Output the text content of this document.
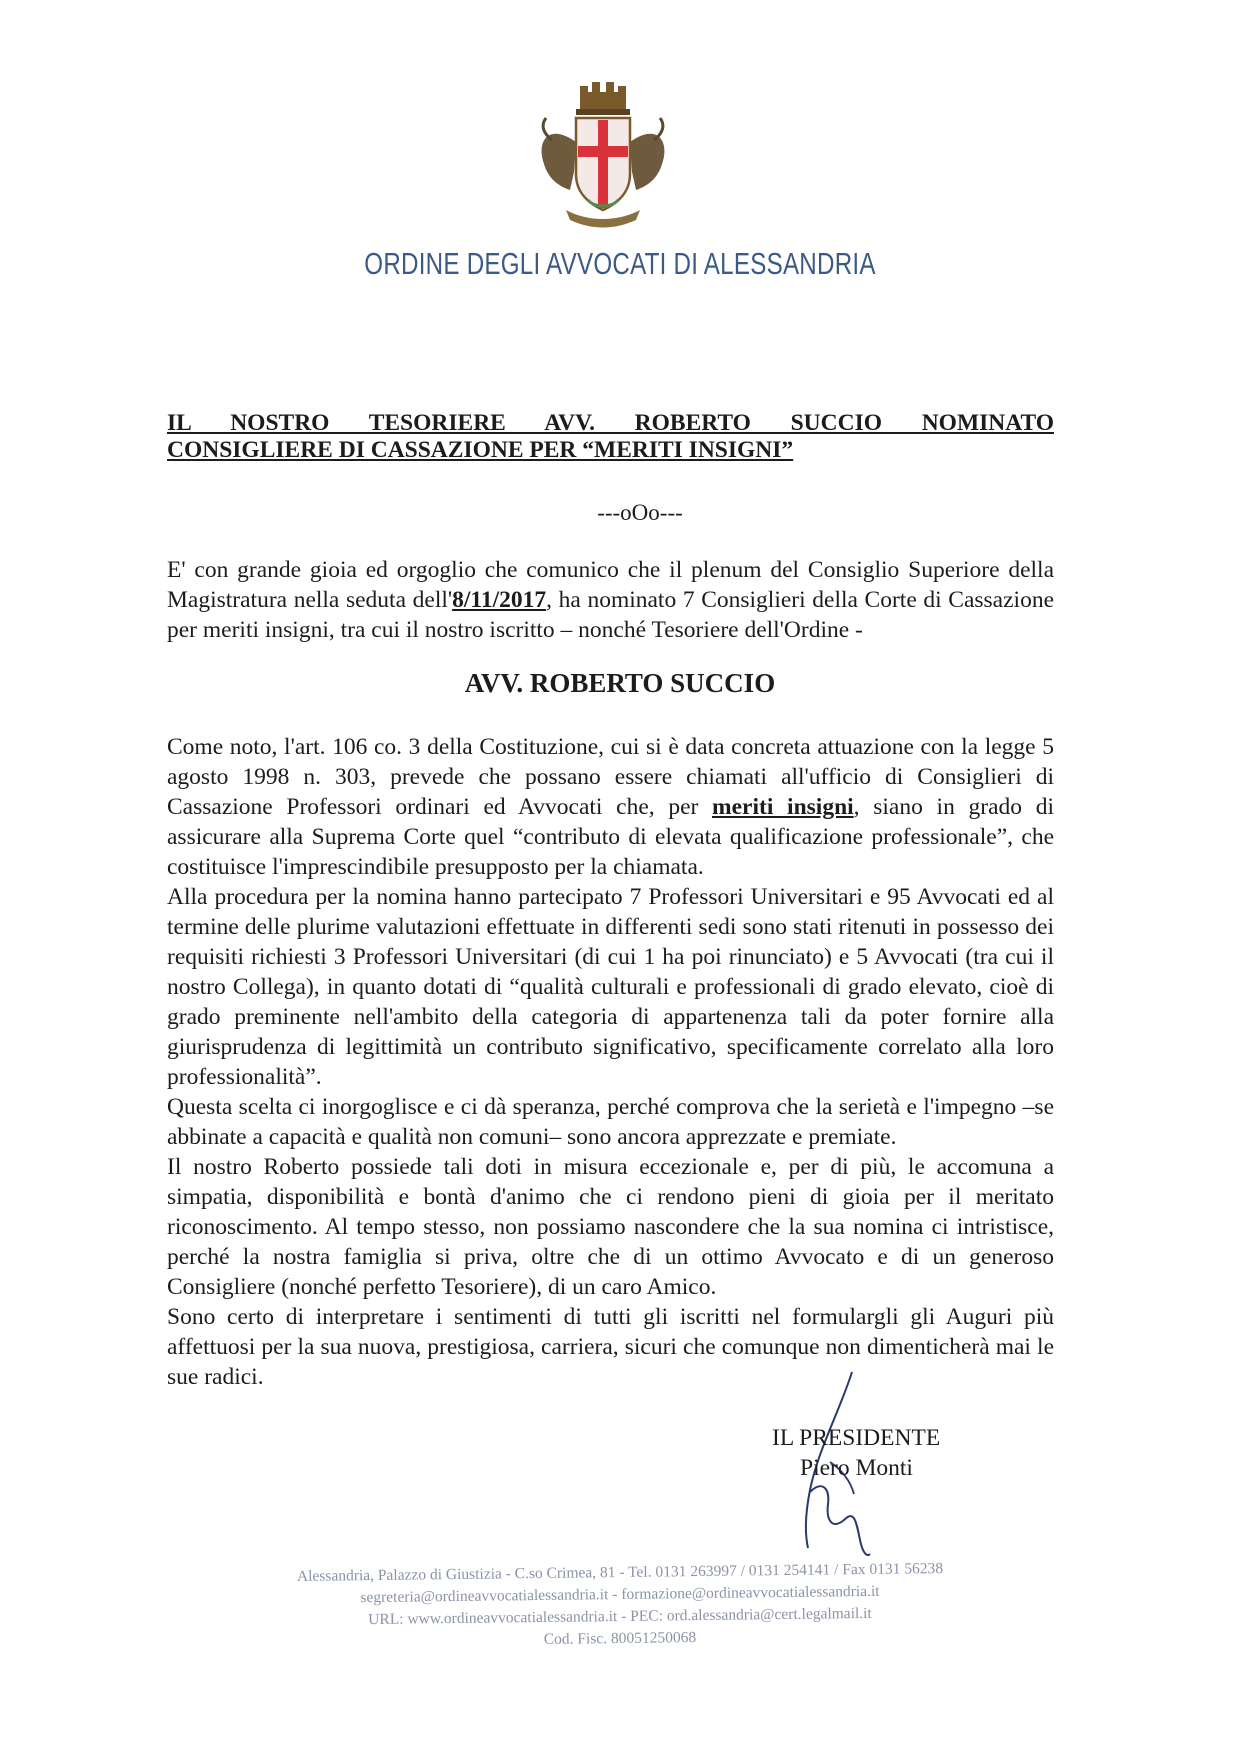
ORDINE DEGLI AVVOCATI DI ALESSANDRIA
IL NOSTRO TESORIERE AVV. ROBERTO SUCCIO NOMINATO
CONSIGLIERE DI CASSAZIONE PER “MERITI INSIGNI”
---oOo---

E' con grande gioia ed orgoglio che comunico che il plenum del Consiglio Superiore della Magistratura nella seduta dell'8/11/2017, ha nominato 7 Consiglieri della Corte di Cassazione per meriti insigni, tra cui il nostro iscritto – nonché Tesoriere dell'Ordine -

AVV. ROBERTO SUCCIO

Come noto, l'art. 106 co. 3 della Costituzione, cui si è data concreta attuazione con la legge 5 agosto 1998 n. 303, prevede che possano essere chiamati all'ufficio di Consiglieri di Cassazione Professori ordinari ed Avvocati che, per meriti insigni, siano in grado di assicurare alla Suprema Corte quel “contributo di elevata qualificazione professionale”, che costituisce l'imprescindibile presupposto per la chiamata.

Alla procedura per la nomina hanno partecipato 7 Professori Universitari e 95 Avvocati ed al termine delle plurime valutazioni effettuate in differenti sedi sono stati ritenuti in possesso dei requisiti richiesti 3 Professori Universitari (di cui 1 ha poi rinunciato) e 5 Avvocati (tra cui il nostro Collega), in quanto dotati di “qualità culturali e professionali di grado elevato, cioè di grado preminente nell'ambito della categoria di appartenenza tali da poter fornire alla giurisprudenza di legittimità un contributo significativo, specificamente correlato alla loro professionalità”.

Questa scelta ci inorgoglisce e ci dà speranza, perché comprova che la serietà e l'impegno –se abbinate a capacità e qualità non comuni– sono ancora apprezzate e premiate.

Il nostro Roberto possiede tali doti in misura eccezionale e, per di più, le accomuna a simpatia, disponibilità e bontà d'animo che ci rendono pieni di gioia per il meritato riconoscimento. Al tempo stesso, non possiamo nascondere che la sua nomina ci intristisce, perché la nostra famiglia si priva, oltre che di un ottimo Avvocato e di un generoso Consigliere (nonché perfetto Tesoriere), di un caro Amico.

Sono certo di interpretare i sentimenti di tutti gli iscritti nel formulargli gli Auguri più affettuosi per la sua nuova, prestigiosa, carriera, sicuri che comunque non dimenticherà mai le sue radici.

IL PRESIDENTE
Piero Monti
Alessandria, Palazzo di Giustizia - C.so Crimea, 81 - Tel. 0131 263997 / 0131 254141 / Fax 0131 56238
segreteria@ordineavvocatialessandria.it - formazione@ordineavvocatialessandria.it
URL: www.ordineavvocatialessandria.it - PEC: ord.alessandria@cert.legalmail.it
Cod. Fisc. 80051250068
